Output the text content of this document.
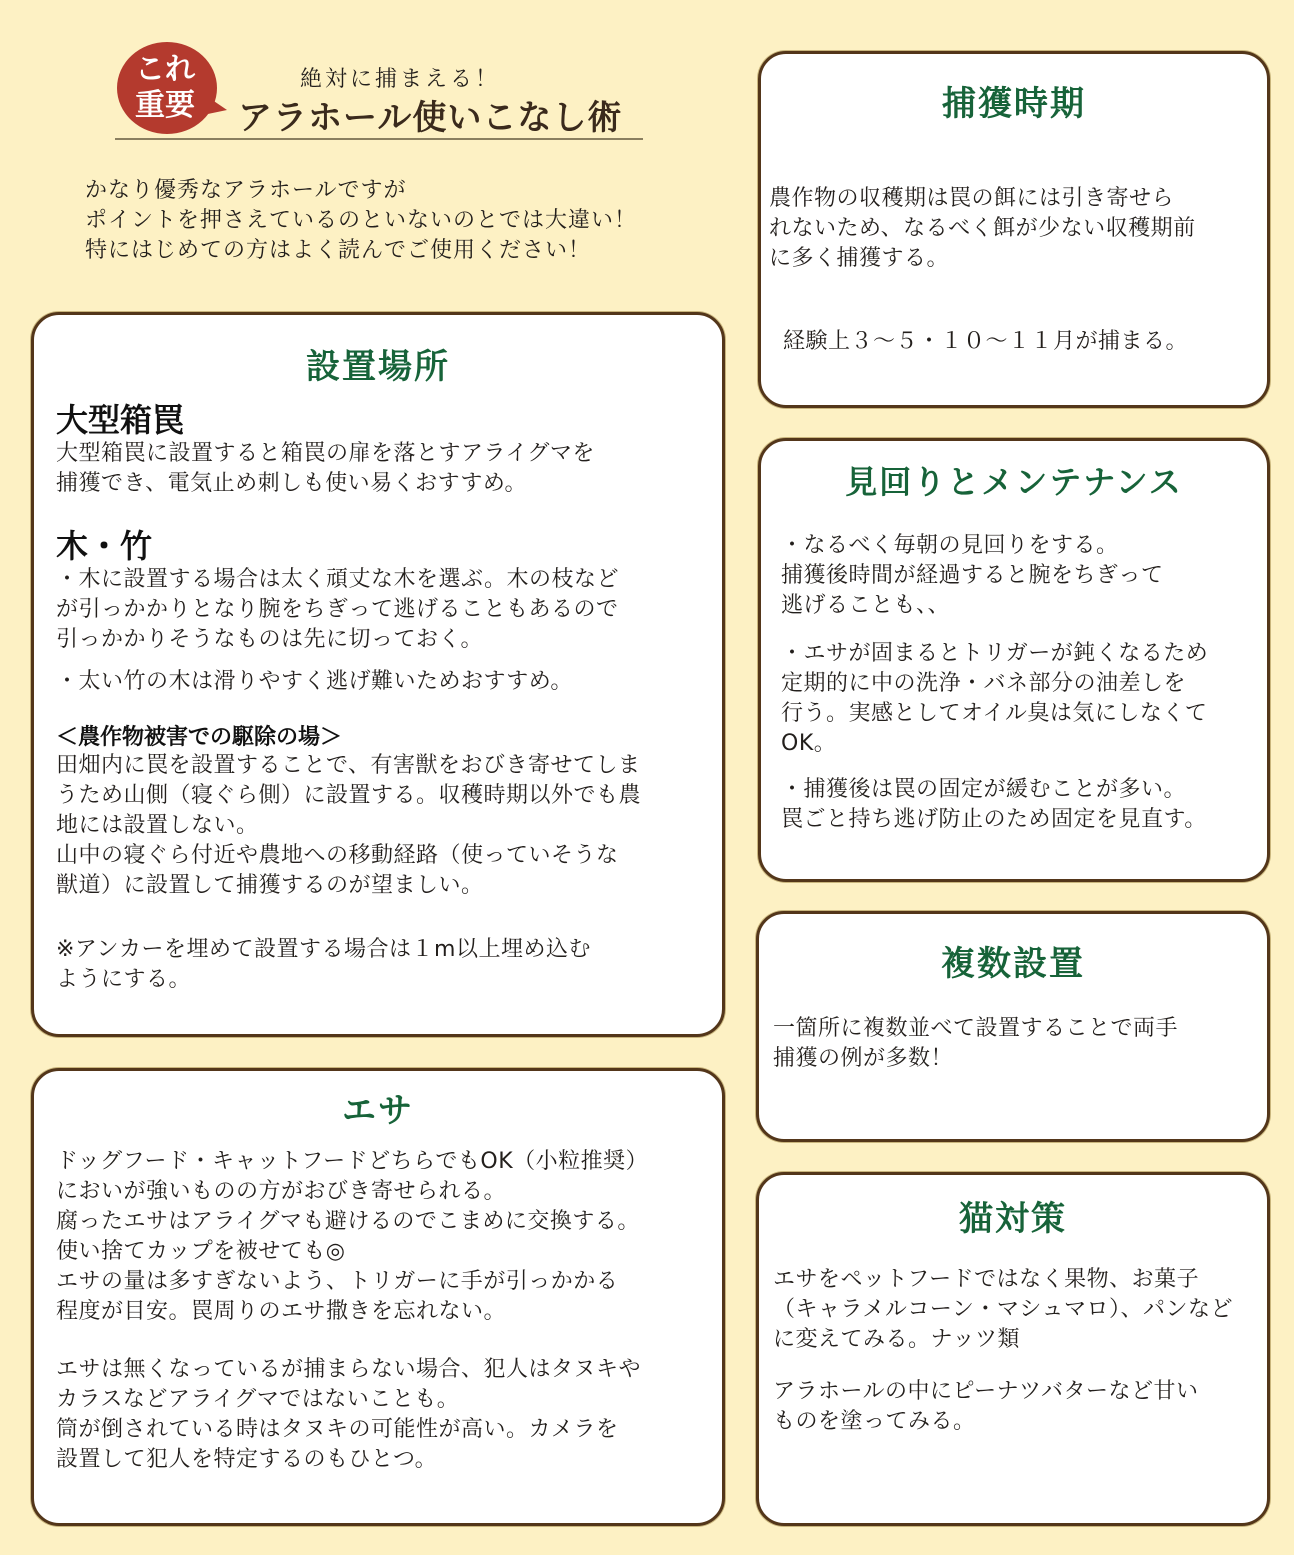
これ
重要
絶対に捕まえる！
アラホール使いこなし術
かなり優秀なアラホールですが
ポイントを押さえているのといないのとでは大違い！
特にはじめての方はよく読んでご使用ください！
設置場所
大型箱罠
大型箱罠に設置すると箱罠の扉を落とすアライグマを
捕獲でき、電気止め刺しも使い易くおすすめ。
木・竹
・木に設置する場合は太く頑丈な木を選ぶ。木の枝など
が引っかかりとなり腕をちぎって逃げることもあるので
引っかかりそうなものは先に切っておく。
・太い竹の木は滑りやすく逃げ難いためおすすめ。
＜農作物被害での駆除の場＞
田畑内に罠を設置することで、有害獣をおびき寄せてしま
うため山側（寝ぐら側）に設置する。収穫時期以外でも農
地には設置しない。
山中の寝ぐら付近や農地への移動経路（使っていそうな
獣道）に設置して捕獲するのが望ましい。
※アンカーを埋めて設置する場合は１m以上埋め込む
ようにする。
エサ
ドッグフード・キャットフードどちらでもOK（小粒推奨）
においが強いものの方がおびき寄せられる。
腐ったエサはアライグマも避けるのでこまめに交換する。
使い捨てカップを被せても◎
エサの量は多すぎないよう、トリガーに手が引っかかる
程度が目安。罠周りのエサ撒きを忘れない。
エサは無くなっているが捕まらない場合、犯人はタヌキや
カラスなどアライグマではないことも。
筒が倒されている時はタヌキの可能性が高い。カメラを
設置して犯人を特定するのもひとつ。
捕獲時期
農作物の収穫期は罠の餌には引き寄せら
れないため、なるべく餌が少ない収穫期前
に多く捕獲する。
経験上３～５・１０～１１月が捕まる。
見回りとメンテナンス
・なるべく毎朝の見回りをする。
捕獲後時間が経過すると腕をちぎって
逃げることも、、
・エサが固まるとトリガーが鈍くなるため
定期的に中の洗浄・バネ部分の油差しを
行う。実感としてオイル臭は気にしなくて
OK。
・捕獲後は罠の固定が緩むことが多い。
罠ごと持ち逃げ防止のため固定を見直す。
複数設置
一箇所に複数並べて設置することで両手
捕獲の例が多数！
猫対策
エサをペットフードではなく果物、お菓子
（キャラメルコーン・マシュマロ）、パンなど
に変えてみる。ナッツ類
アラホールの中にピーナツバターなど甘い
ものを塗ってみる。
